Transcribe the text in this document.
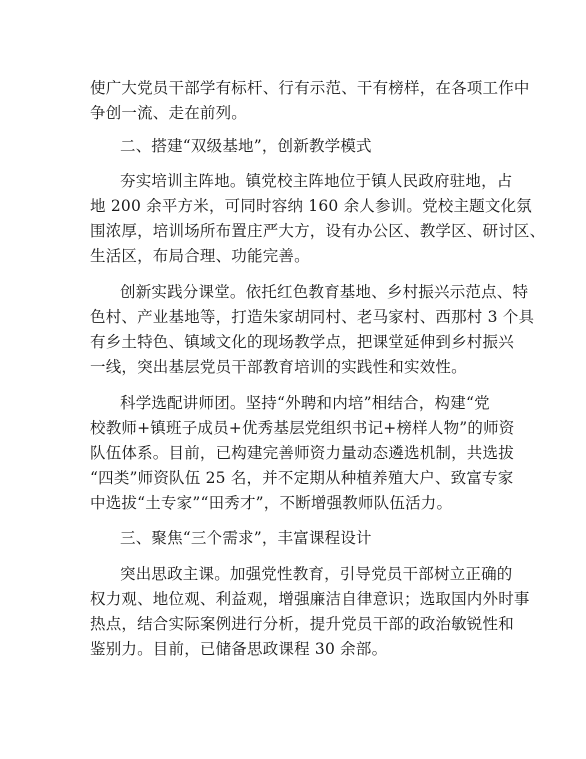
使广大党员干部学有标杆、行有示范、干有榜样，在各项工作中
争创一流、走在前列。
二、搭建“双级基地”，创新教学模式
夯实培训主阵地。镇党校主阵地位于镇人民政府驻地，占
地 200 余平方米，可同时容纳 160 余人参训。党校主题文化氛
围浓厚，培训场所布置庄严大方，设有办公区、教学区、研讨区、
生活区，布局合理、功能完善。
创新实践分课堂。依托红色教育基地、乡村振兴示范点、特
色村、产业基地等，打造朱家胡同村、老马家村、西那村 3 个具
有乡土特色、镇域文化的现场教学点，把课堂延伸到乡村振兴
一线，突出基层党员干部教育培训的实践性和实效性。
科学选配讲师团。坚持“外聘和内培”相结合，构建“党
校教师+镇班子成员+优秀基层党组织书记+榜样人物”的师资
队伍体系。目前，已构建完善师资力量动态遴选机制，共选拔
“四类”师资队伍 25 名，并不定期从种植养殖大户、致富专家
中选拔“土专家”“田秀才”，不断增强教师队伍活力。
三、聚焦“三个需求”，丰富课程设计
突出思政主课。加强党性教育，引导党员干部树立正确的
权力观、地位观、利益观，增强廉洁自律意识；选取国内外时事
热点，结合实际案例进行分析，提升党员干部的政治敏锐性和
鉴别力。目前，已储备思政课程 30 余部。
